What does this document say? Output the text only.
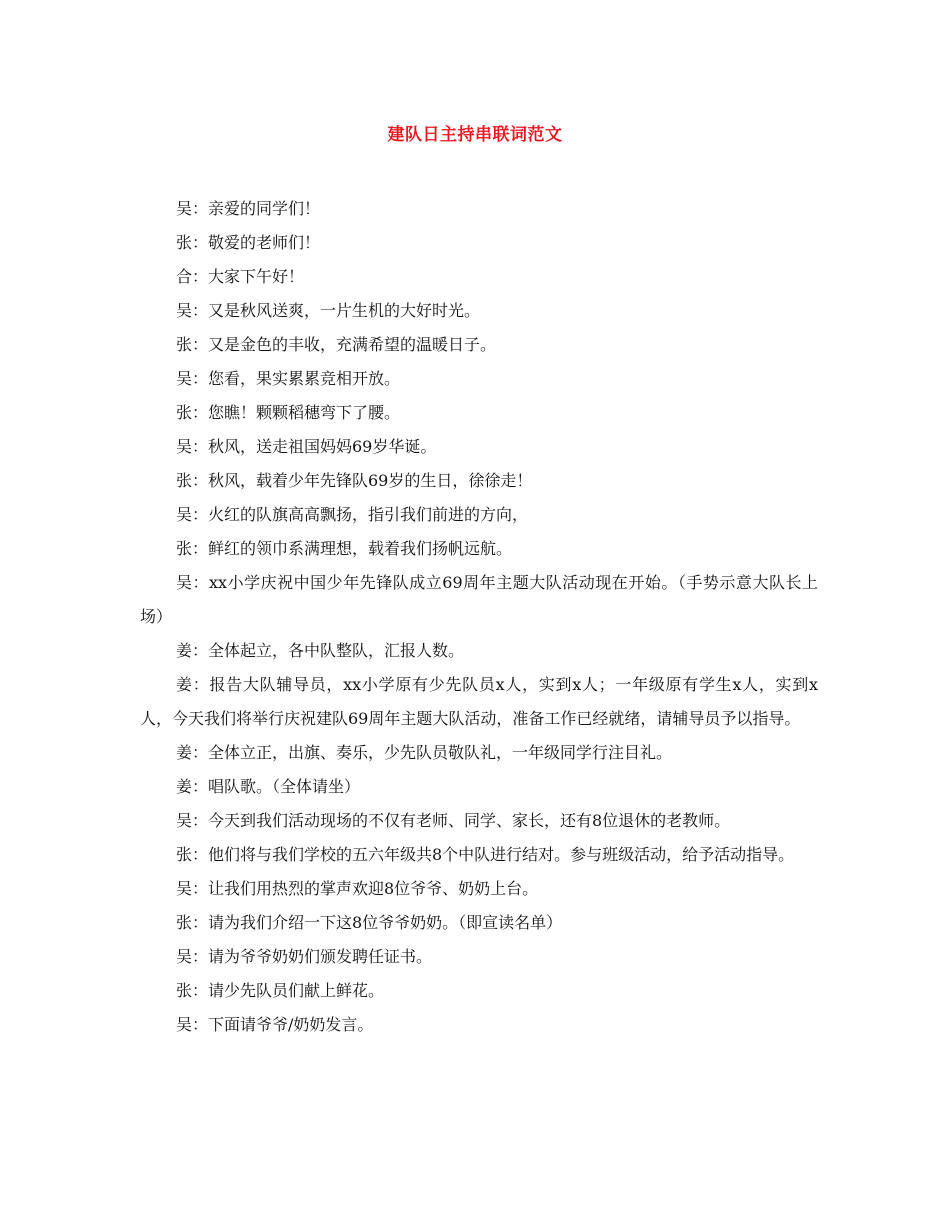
建队日主持串联词范文

吴：亲爱的同学们！

张：敬爱的老师们！

合：大家下午好！

吴：又是秋风送爽，一片生机的大好时光。

张：又是金色的丰收，充满希望的温暖日子。

吴：您看，果实累累竞相开放。

张：您瞧！颗颗稻穗弯下了腰。

吴：秋风，送走祖国妈妈69岁华诞。

张：秋风，载着少年先锋队69岁的生日，徐徐走！

吴：火红的队旗高高飘扬，指引我们前进的方向，

张：鲜红的领巾系满理想，载着我们扬帆远航。

吴：xx小学庆祝中国少年先锋队成立69周年主题大队活动现在开始。（手势示意大队长上场）

姜：全体起立，各中队整队，汇报人数。

姜：报告大队辅导员，xx小学原有少先队员x人，实到x人；一年级原有学生x人，实到x人，今天我们将举行庆祝建队69周年主题大队活动，准备工作已经就绪，请辅导员予以指导。

姜：全体立正，出旗、奏乐，少先队员敬队礼，一年级同学行注目礼。

姜：唱队歌。（全体请坐）

吴：今天到我们活动现场的不仅有老师、同学、家长，还有8位退休的老教师。

张：他们将与我们学校的五六年级共8个中队进行结对。参与班级活动，给予活动指导。

吴：让我们用热烈的掌声欢迎8位爷爷、奶奶上台。

张：请为我们介绍一下这8位爷爷奶奶。（即宣读名单）

吴：请为爷爷奶奶们颁发聘任证书。

张：请少先队员们献上鲜花。

吴：下面请爷爷/奶奶发言。
